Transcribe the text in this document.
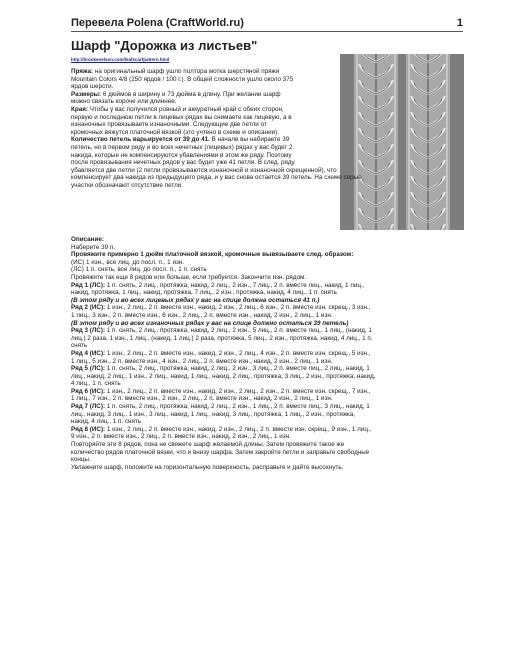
Перевела Polena (CraftWorld.ru)	1
Шарф "Дорожка из листьев"
http://brookenelson.com/leafscarfpattern.html
Пряжа: на оригинальный шарф ушло полтора мотка шерстяной пряжи
Mountain Colors 4/8 (250 ярдов / 100 г.). В общей сложности ушло около 375
ярдов шерсти.
Размеры: 6 дюймов в ширину и 73 дюйма в длину. При желании шарф
можно связать короче или длиннее.
Края: Чтобы у вас получился ровный и аккуратный край с обеих сторон,
первую и последнюю петли в лицевых рядах вы снимаете как лицевую, а в
изнаночных провязываете изнаночными. Следующие две петли от
кромочных вяжутся платочной вязкой (это учтено в схеме и описании).
Количество петель варьируется от 39 до 41. В начале вы набираете 39
петель, но в первом ряду и во всех нечетных (лицевых) рядах у вас будет 2
накида, которые не компенсируются убавлениями в этом же ряду. Поэтому
после провязывания нечетных рядов у вас будет уже 41 петля. В след. ряду
убавляется две петли (2 петли провязываются изнаночной и изнаночной скрещенной), что
компенсирует два накида из предыдущего ряда, и у вас снова остается 39 петель. На схеме серые
участки обозначают отсутствие петли.
Описание:
Наберите 39 п.
Провяжите примерно 1 дюйм платочной вязкой, кромочные вывязываете след. образом:
(ИС) 1 изн., все лиц. до посл. п., 1 изн.
(ЛС) 1 п. снять, все лиц. до посл. п., 1 п. снять
Провяжите так еще 8 рядов или больше, если требуется. Закончите изн. рядом.
Ряд 1 (ЛС): 1 п. снять, 2 лиц., протяжка, накид, 2 лиц., 2 изн., 7 лиц., 2 п. вместе лиц., накид, 1 лиц.,
накид, протяжка, 1 лиц., накид, протяжка, 7 лиц., 2 изн., протяжка, накид, 4 лиц., 1 п. снять
(В этом ряду и во всех лицевых рядах у вас на спице должна остаться 41 п.)
Ряд 2 (ИС): 1 изн., 2 лиц., 2 п. вместе изн., накид, 2 изн., 2 лиц., 6 изн., 2 п. вместе изн. скрещ., 3 изн.,
1 лиц., 3 изн., 2 п. вместе изн., 6 изн., 2 лиц., 2 п. вместе изн., накид, 2 изн., 2 лиц., 1 изн.
(В этом ряду и во всех изнаночных рядах у вас на спице должно остаться 39 петель)
Ряд 3 (ЛС): 1 п. снять, 2 лиц., протяжка, накид, 2 лиц., 2 изн., 5 лиц., 2 п. вместе лиц., 1 лиц., (накид, 1
лиц.) 2 раза, 1 изн., 1 лиц., (накид, 1 лиц.) 2 раза, протяжка, 5 лиц., 2 изн., протяжка, накид, 4 лиц., 1 п.
снять
Ряд 4 (ИС): 1 изн., 2 лиц., 2 п. вместе изн., накид, 2 изн., 2 лиц., 4 изн., 2 п. вместе изн. скрещ., 5 изн.,
1 лиц., 5 изн., 2 п. вместе изн., 4 изн., 2 лиц., 2 п. вместе изн., накид, 2 изн., 2 лиц., 1 изн.
Ряд 5 (ЛС): 1 п. снять, 2 лиц., протяжка, накид, 2 лиц., 2 изн., 3 лиц., 2 п. вместе лиц., 2 лиц., накид, 1
лиц., накид, 2 лиц., 1 изн., 2 лиц., накид, 1 лиц., накид, 2 лиц., протяжка, 3 лиц., 2 изн., протяжка, накид,
4 лиц., 1 п. снять
Ряд 6 (ИС): 1 изн., 2 лиц., 2 п. вместе изн., накид, 2 изн., 2 лиц., 2 изн., 2 п. вместе изн. скрещ., 7 изн.,
1 лиц., 7 изн., 2 п. вместе изн., 2 изн., 2 лиц., 2 п. вместе изн., накид, 2 изн., 2 лиц., 1 изн.
Ряд 7 (ЛС): 1 п. снять, 2 лиц., протяжка, накид, 2 лиц., 2 изн., 1 лиц., 2 п. вместе лиц., 3 лиц., накид, 1
лиц., накид, 3 лиц., 1 изн., 3 лиц., накид, 1 лиц., накид, 3 лиц., протяжка, 1 лиц., 2 изн., протяжка,
накид, 4 лиц., 1 п. снять
Ряд 8 (ИС): 1 изн., 2 лиц., 2 п. вместе изн., накид, 2 изн., 2 лиц., 2 п. вместе изн. скрещ., 9 изн., 1 лиц.,
9 изн., 2 п. вместе изн., 2 лиц., 2 п. вместе изн., накид, 2 изн., 2 лиц., 1 изн.
Повторяйте эти 8 рядов, пока не свяжете шарф желаемой длины. Затем провяжите такое же
количество рядов платочной вязки, что и внизу шарфа. Затем закройте петли и заправьте свободные
концы.
Увлажните шарф, положите на горизонтальную поверхность, расправьте и дайте высохнуть.
